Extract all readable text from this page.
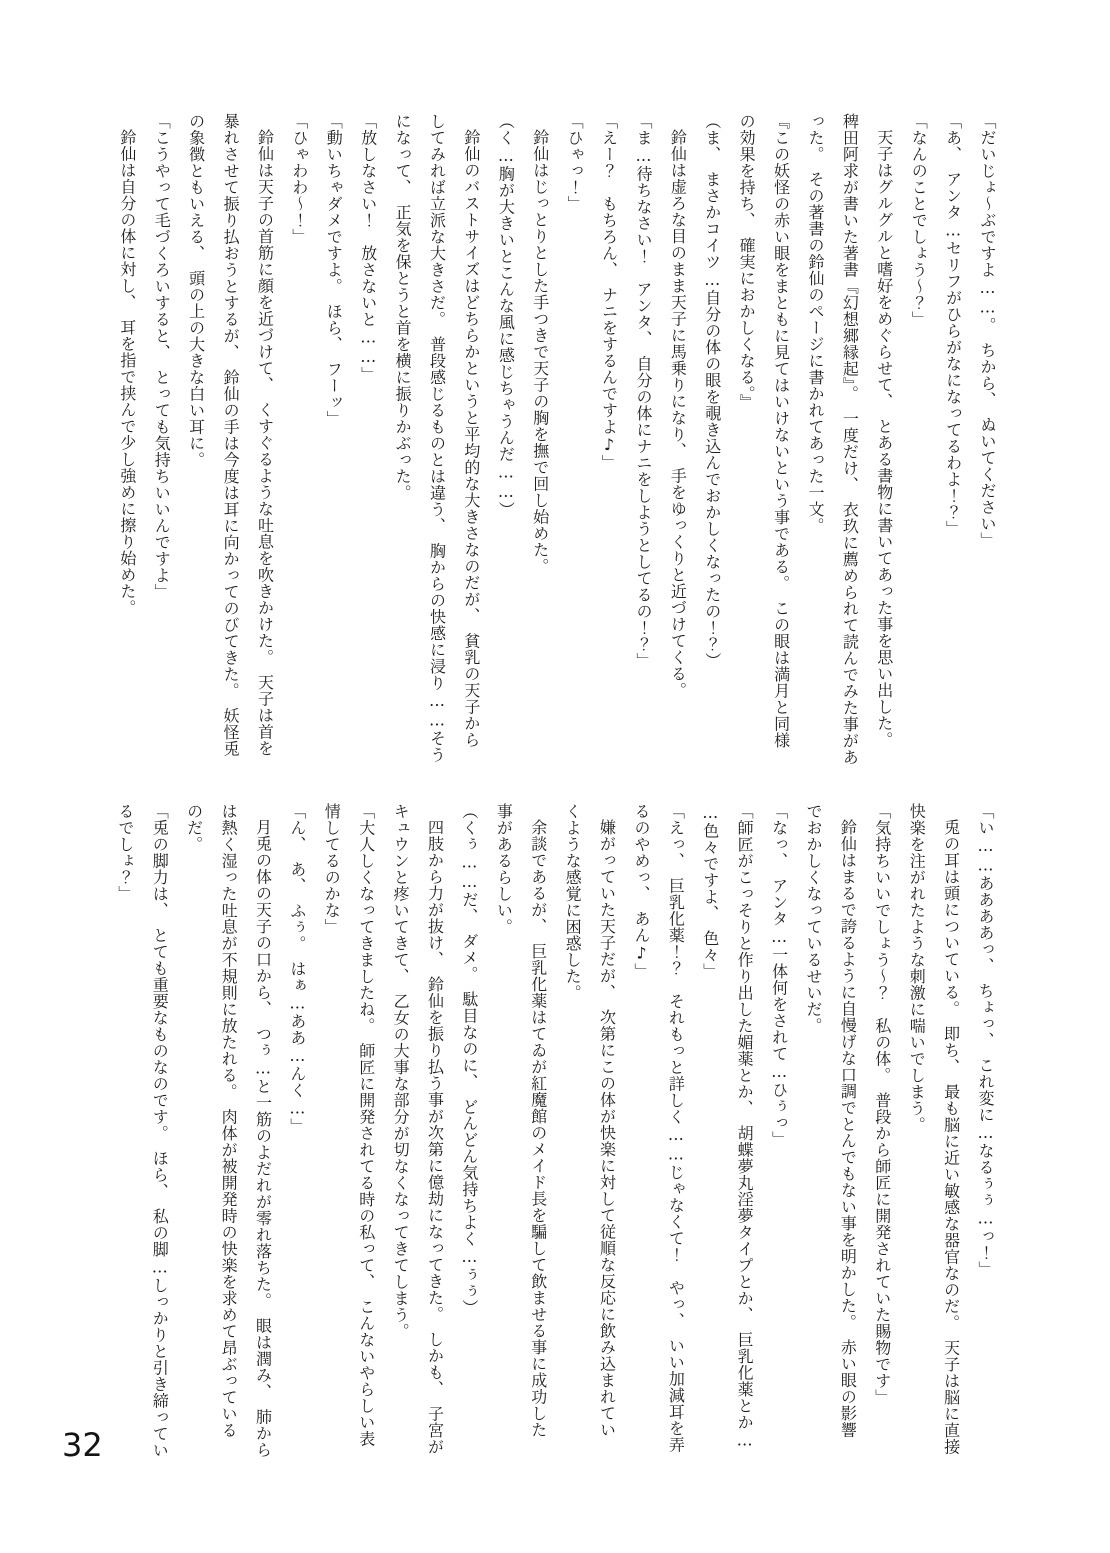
「だいじょ～ぶですよ……。　ちから、　ぬいてください」

「あ、　アンタ…セリフがひらがなになってるわよ！？」

「なんのことでしょう～？」

天子はグルグルと嗜好をめぐらせて、　とある書物に書いてあった事を思い出した。

稗田阿求が書いた著書『幻想郷縁起』。　一度だけ、　衣玖に薦められて読んでみた事があ

った。　その著書の鈴仙のページに書かれてあった一文。

『この妖怪の赤い眼をまともに見てはいけないという事である。　この眼は満月と同様

の効果を持ち、　確実におかしくなる。』

（ま、　まさかコイツ…自分の体の眼を覗き込んでおかしくなったの！？）

鈴仙は虚ろな目のまま天子に馬乗りになり、　手をゆっくりと近づけてくる。

「ま…待ちなさい！　アンタ、　自分の体にナニをしようとしてるの！？」

「えー？　もちろん、　ナニをするんですよ♪」

「ひゃっ！」

鈴仙はじっとりとした手つきで天子の胸を撫で回し始めた。

（く…胸が大きいとこんな風に感じちゃうんだ……）

鈴仙のバストサイズはどちらかというと平均的な大きさなのだが、　貧乳の天子から

してみれば立派な大きさだ。　普段感じるものとは違う、　胸からの快感に浸り……そう

になって、　正気を保とうと首を横に振りかぶった。

「放しなさい！　放さないと……」

「動いちゃダメですよ。　ほら、　フーッ」

「ひゃわわ～！」

鈴仙は天子の首筋に顔を近づけて、　くすぐるような吐息を吹きかけた。　天子は首を

暴れさせて振り払おうとするが、　鈴仙の手は今度は耳に向かってのびてきた。　妖怪兎

の象徴ともいえる、　頭の上の大きな白い耳に。

「こうやって毛づくろいすると、　とっても気持ちいいんですよ」

鈴仙は自分の体に対し、　耳を指で挟んで少し強めに擦り始めた。

「い……ああああっ、　ちょっ、　これ変に…なるぅぅ…っ！」

兎の耳は頭についている。　即ち、　最も脳に近い敏感な器官なのだ。　天子は脳に直接

快楽を注がれたような刺激に喘いでしまう。

「気持ちいいでしょう～？　私の体。　普段から師匠に開発されていた賜物です」

鈴仙はまるで誇るように自慢げな口調でとんでもない事を明かした。　赤い眼の影響

でおかしくなっているせいだ。

「なっ、　アンタ…一体何をされて…ひぅっ」

「師匠がこっそりと作り出した媚薬とか、　胡蝶夢丸淫夢タイプとか、　巨乳化薬とか…

…色々ですよ、　色々」

「えっ、　巨乳化薬！？　それもっと詳しく……じゃなくて！　やっ、　いい加減耳を弄

るのやめっ、　あん♪」

嫌がっていた天子だが、　次第にこの体が快楽に対して従順な反応に飲み込まれてい

くような感覚に困惑した。

余談であるが、　巨乳化薬はてゐが紅魔館のメイド長を騙して飲ませる事に成功した

事があるらしい。

（くぅ……だ、　ダメ。　駄目なのに、　どんどん気持ちよく…ぅぅ）

四肢から力が抜け、　鈴仙を振り払う事が次第に億劫になってきた。　しかも、　子宮が

キュウンと疼いてきて、　乙女の大事な部分が切なくなってきてしまう。

「大人しくなってきましたね。　師匠に開発されてる時の私って、　こんないやらしい表

情してるのかな」

「ん、　あ、　ふぅ。　はぁ…ああ…んく…」

月兎の体の天子の口から、　つぅ…と一筋のよだれが零れ落ちた。　眼は潤み、　肺から

は熱く湿った吐息が不規則に放たれる。　肉体が被開発時の快楽を求めて昂ぶっている

のだ。

「兎の脚力は、　とても重要なものなのです。　ほら、　私の脚…しっかりと引き締ってい

るでしょ？」

32
